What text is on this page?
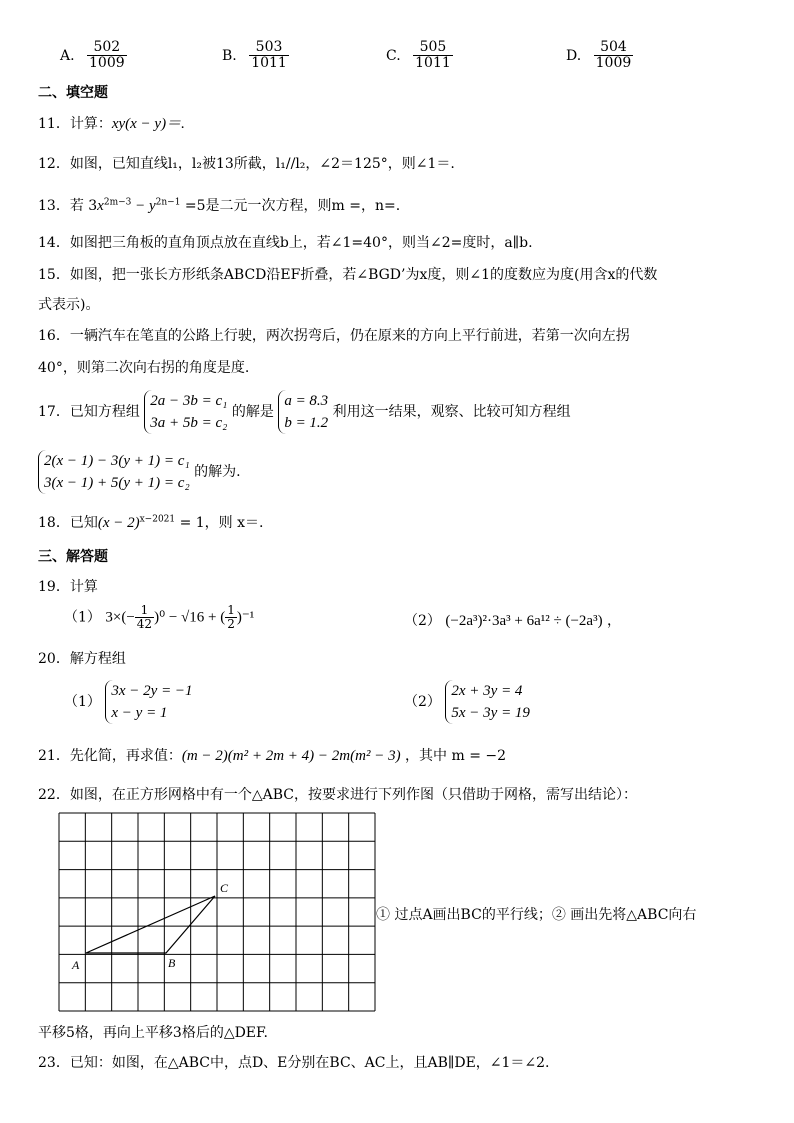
A. $\frac{502}{1009}$	B. $\frac{503}{1011}$	C. $\frac{505}{1011}$	D. $\frac{504}{1009}$
二、填空题
11．计算：xy(x − y)＝.
12．如图，已知直线l₁，l₂被13所截，l₁//l₂，∠2＝125°，则∠1＝.
13．若 $3x^{2m-3} - y^{2n-1} =5$是二元一次方程，则m =，n=.
14．如图把三角板的直角顶点放在直线b上，若∠1=40°，则当∠2=度时，a∥b.
15．如图，把一张长方形纸条ABCD沿EF折叠，若∠BGD’为x度，则∠1的度数应为度(用含x的代数
式表示)。
16．一辆汽车在笔直的公路上行驶，两次拐弯后，仍在原来的方向上平行前进，若第一次向左拐
40°，则第二次向右拐的角度是度.
17．已知方程组 2a − 3b = c₁
3a + 5b = c₂ 的解是 a = 8.3
b = 1.2 利用这一结果，观察、比较可知方程组
2(x − 1) − 3(y + 1) = c₁
3(x − 1) + 5(y + 1) = c₂ 的解为.
18．已知$(x - 2)^{x-2021} = 1$，则 x＝.
三、解答题
19．计算
（1） $3\times(- \frac{1}{42} )^0 - √16$ + ( $\frac{1}{2} )^{-1}$	（2） (−2a³)²·3a³ + 6a¹² ÷ (−2a³) ，
20．解方程组
（1） 3x − 2y = −1
x − y = 1
（2） 2x + 3y = 4
5x − 3y = 19
21．先化简，再求值：(m − 2)(m² + 2m + 4) − 2m(m² − 3) ，其中 m = −2
22．如图，在正方形网格中有一个△ABC，按要求进行下列作图（只借助于网格，需写出结论）：
A	B
C
① 过点A画出BC的平行线；② 画出先将△ABC向右
平移5格，再向上平移3格后的△DEF.
23．已知：如图，在△ABC中，点D、E分别在BC、AC上，且AB∥DE，∠1＝∠2.
